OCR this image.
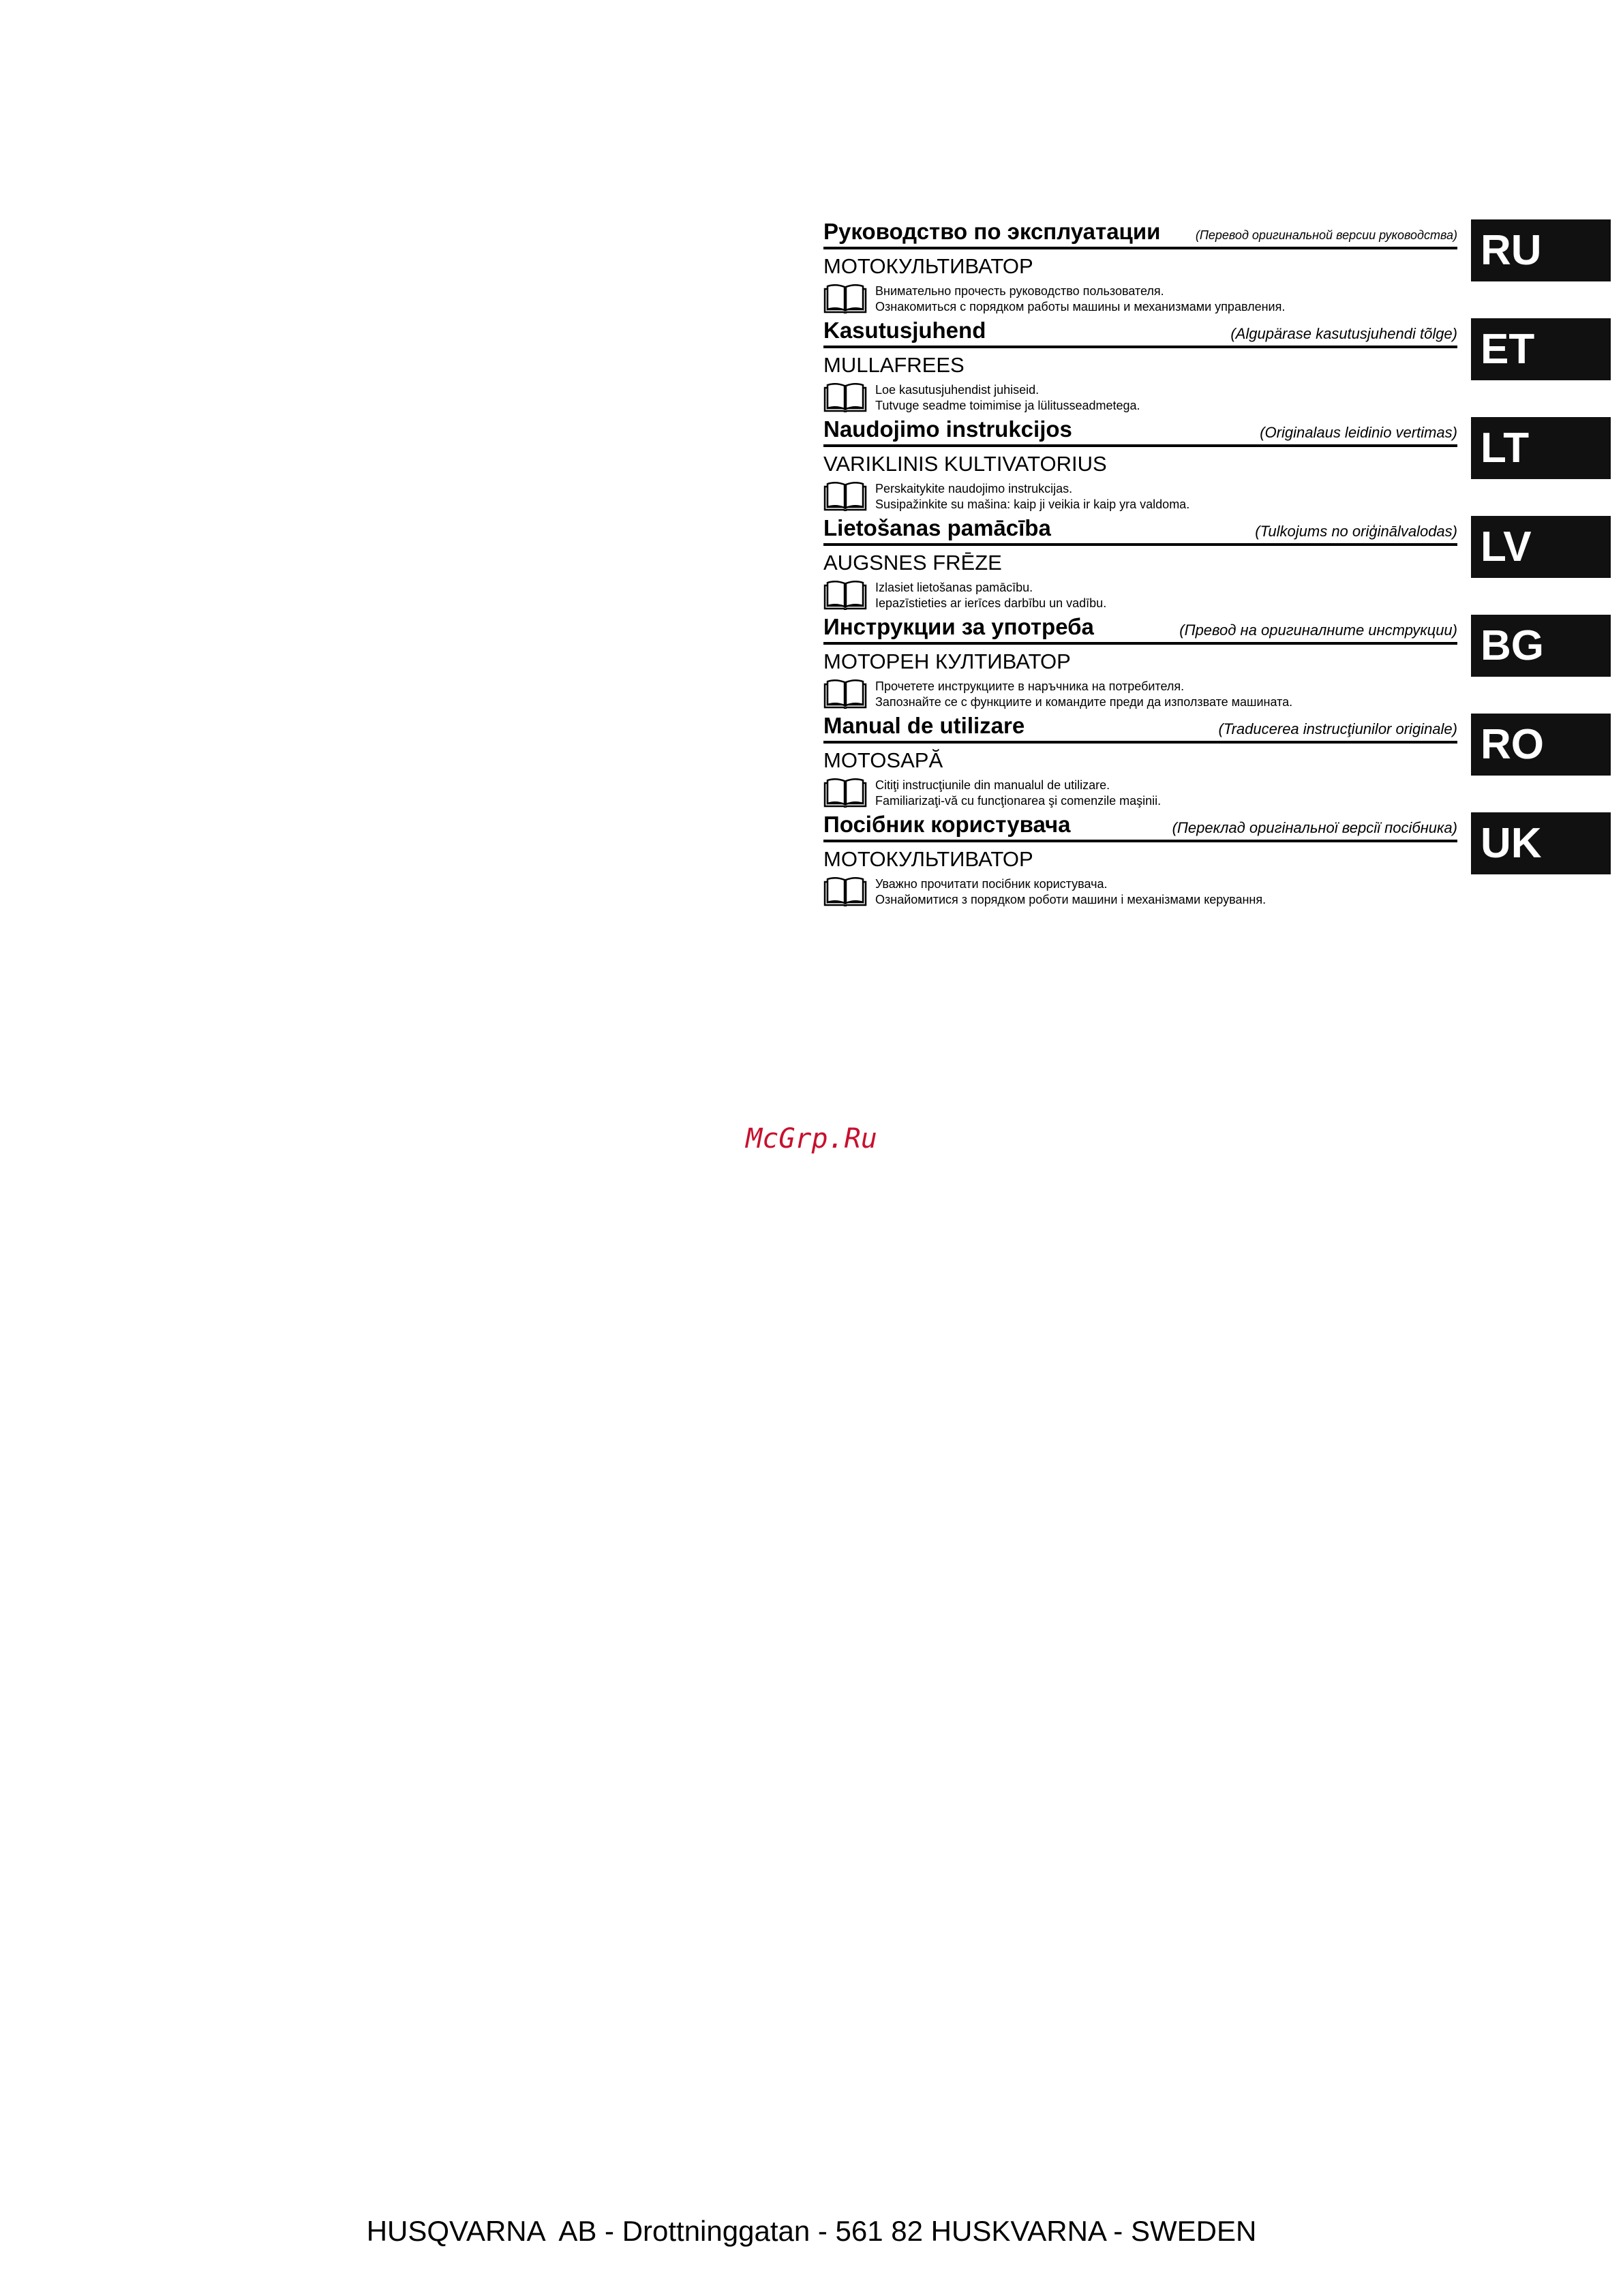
Руководство по эксплуатации	(Перевод оригинальной версии руководства)
МОТОКУЛЬТИВАТОР
Внимательно прочесть руководство пользователя.
Ознакомиться с порядком работы машины и механизмами управления.
RU
Kasutusjuhend	(Algupärase kasutusjuhendi tõlge)
MULLAFREES
Loe kasutusjuhendist juhiseid.
Tutvuge seadme toimimise ja lülitusseadmetega.
ET
Naudojimo instrukcijos	(Originalaus leidinio vertimas)
VARIKLINIS KULTIVATORIUS
Perskaitykite naudojimo instrukcijas.
Susipažinkite su mašina: kaip ji veikia ir kaip yra valdoma.
LT
Lietošanas pamācība	(Tulkojums no oriģinālvalodas)
AUGSNES FRĒZE
Izlasiet lietošanas pamācību.
Iepazīstieties ar ierīces darbību un vadību.
LV
Инструкции за употреба	(Превод на оригиналните инструкции)
МОТОРЕН КУЛТИВАТОР
Прочетете инструкциите в наръчника на потребителя.
Запознайте се с функциите и командите преди да използвате машината.
BG
Manual de utilizare	(Traducerea instrucţiunilor originale)
MOTOSAPĂ
Citiţi instrucţiunile din manualul de utilizare.
Familiarizaţi-vă cu funcţionarea şi comenzile maşinii.
RO
Посібник користувача	(Переклад оригінальної версії посібника)
МОТОКУЛЬТИВАТОР
Уважно прочитати посібник користувача.
Ознайомитися з порядком роботи машини і механізмами керування.
UK
McGrp.Ru
HUSQVARNA  AB - Drottninggatan - 561 82 HUSKVARNA - SWEDEN
